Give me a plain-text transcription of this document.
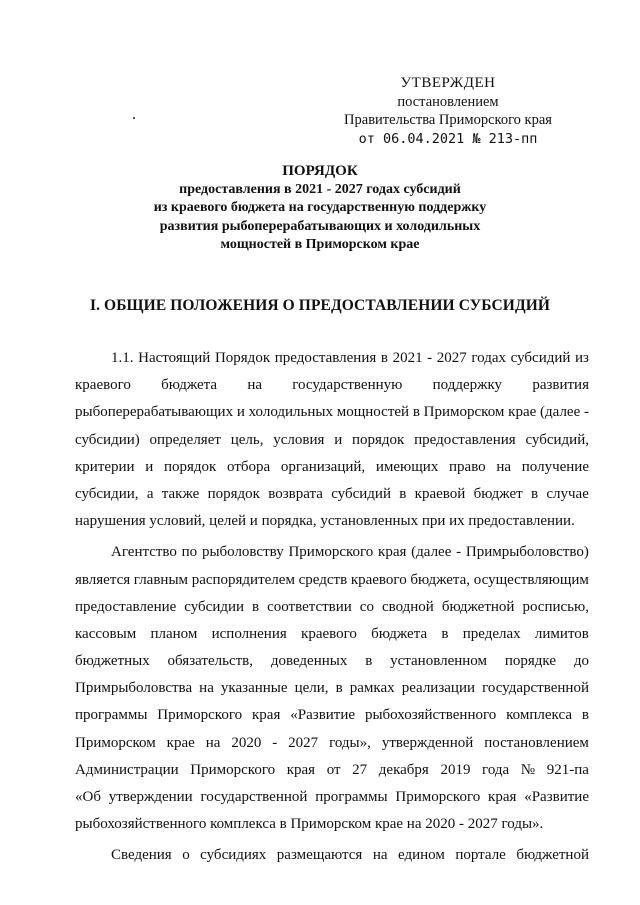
УТВЕРЖДЕН
постановлением
Правительства Приморского края
от 06.04.2021 № 213-пп
ПОРЯДОК
предоставления в 2021 - 2027 годах субсидий
из краевого бюджета на государственную поддержку
развития рыбоперерабатывающих и холодильных
мощностей в Приморском крае
I. ОБЩИЕ ПОЛОЖЕНИЯ О ПРЕДОСТАВЛЕНИИ СУБСИДИЙ
1.1. Настоящий Порядок предоставления в 2021 - 2027 годах субсидий из
краевого бюджета на государственную поддержку развития
рыбоперерабатывающих и холодильных мощностей в Приморском крае (далее -
субсидии) определяет цель, условия и порядок предоставления субсидий,
критерии и порядок отбора организаций, имеющих право на получение
субсидии, а также порядок возврата субсидий в краевой бюджет в случае
нарушения условий, целей и порядка, установленных при их предоставлении.
Агентство по рыболовству Приморского края (далее - Примрыболовство)
является главным распорядителем средств краевого бюджета, осуществляющим
предоставление субсидии в соответствии со сводной бюджетной росписью,
кассовым планом исполнения краевого бюджета в пределах лимитов
бюджетных обязательств, доведенных в установленном порядке до
Примрыболовства на указанные цели, в рамках реализации государственной
программы Приморского края «Развитие рыбохозяйственного комплекса в
Приморском крае на 2020 - 2027 годы», утвержденной постановлением
Администрации Приморского края от 27 декабря 2019 года № 921-па
«Об утверждении государственной программы Приморского края «Развитие
рыбохозяйственного комплекса в Приморском крае на 2020 - 2027 годы».
Сведения о субсидиях размещаются на едином портале бюджетной
